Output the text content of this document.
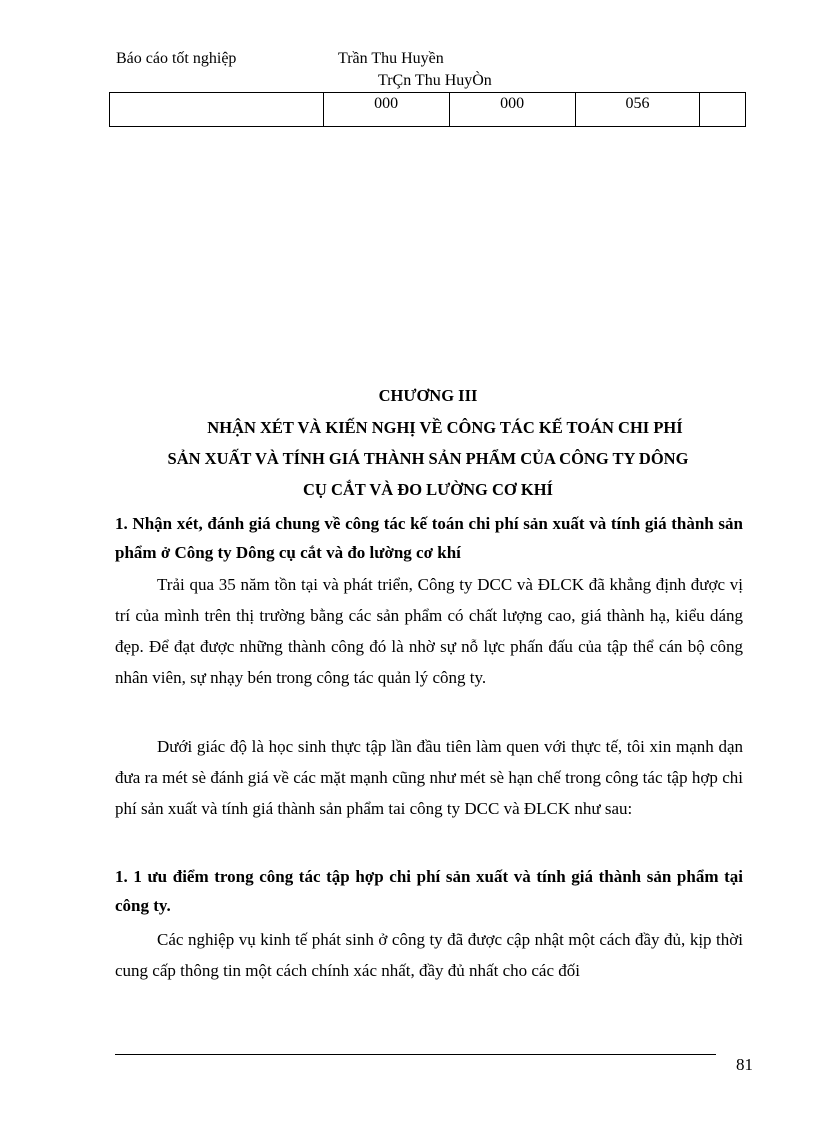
Báo cáo tốt nghiệp	Trần Thu Huyền
TrÇn Thu HuyÒn
	000	000	056	
CHƯƠNG III
NHẬN XÉT VÀ KIẾN NGHỊ VỀ CÔNG TÁC KẾ TOÁN CHI PHÍ
SẢN XUẤT VÀ TÍNH GIÁ THÀNH SẢN PHẨM CỦA CÔNG TY DÔNG
CỤ CẮT VÀ ĐO LƯỜNG CƠ KHÍ
1. Nhận xét, đánh giá chung về công tác kế toán chi phí sản xuất và tính giá thành sản phẩm ở Công ty Dông cụ cắt và đo lường cơ khí
Trải qua 35 năm tồn tại và phát triển, Công ty DCC và ĐLCK đã khẳng định được vị trí của mình trên thị trường bằng các sản phẩm có chất lượng cao, giá thành hạ, kiểu dáng đẹp. Để đạt được những thành công đó là nhờ sự nỗ lực phấn đấu của tập thể cán bộ công nhân viên, sự nhạy bén trong công tác quản lý công ty.
Dưới giác độ là học sinh thực tập lần đầu tiên làm quen với thực tế, tôi xin mạnh dạn đưa ra mét sè đánh giá về các mặt mạnh cũng như mét sè hạn chế trong công tác tập hợp chi phí sản xuất và tính giá thành sản phẩm tai công ty DCC và ĐLCK như sau:
1. 1 ưu điểm trong công tác tập hợp chi phí sản xuất và tính giá thành sản phẩm tại công ty.
Các nghiệp vụ kinh tế phát sinh ở công ty đã được cập nhật một cách đầy đủ, kịp thời cung cấp thông tin một cách chính xác nhất, đầy đủ nhất cho các đối
81
